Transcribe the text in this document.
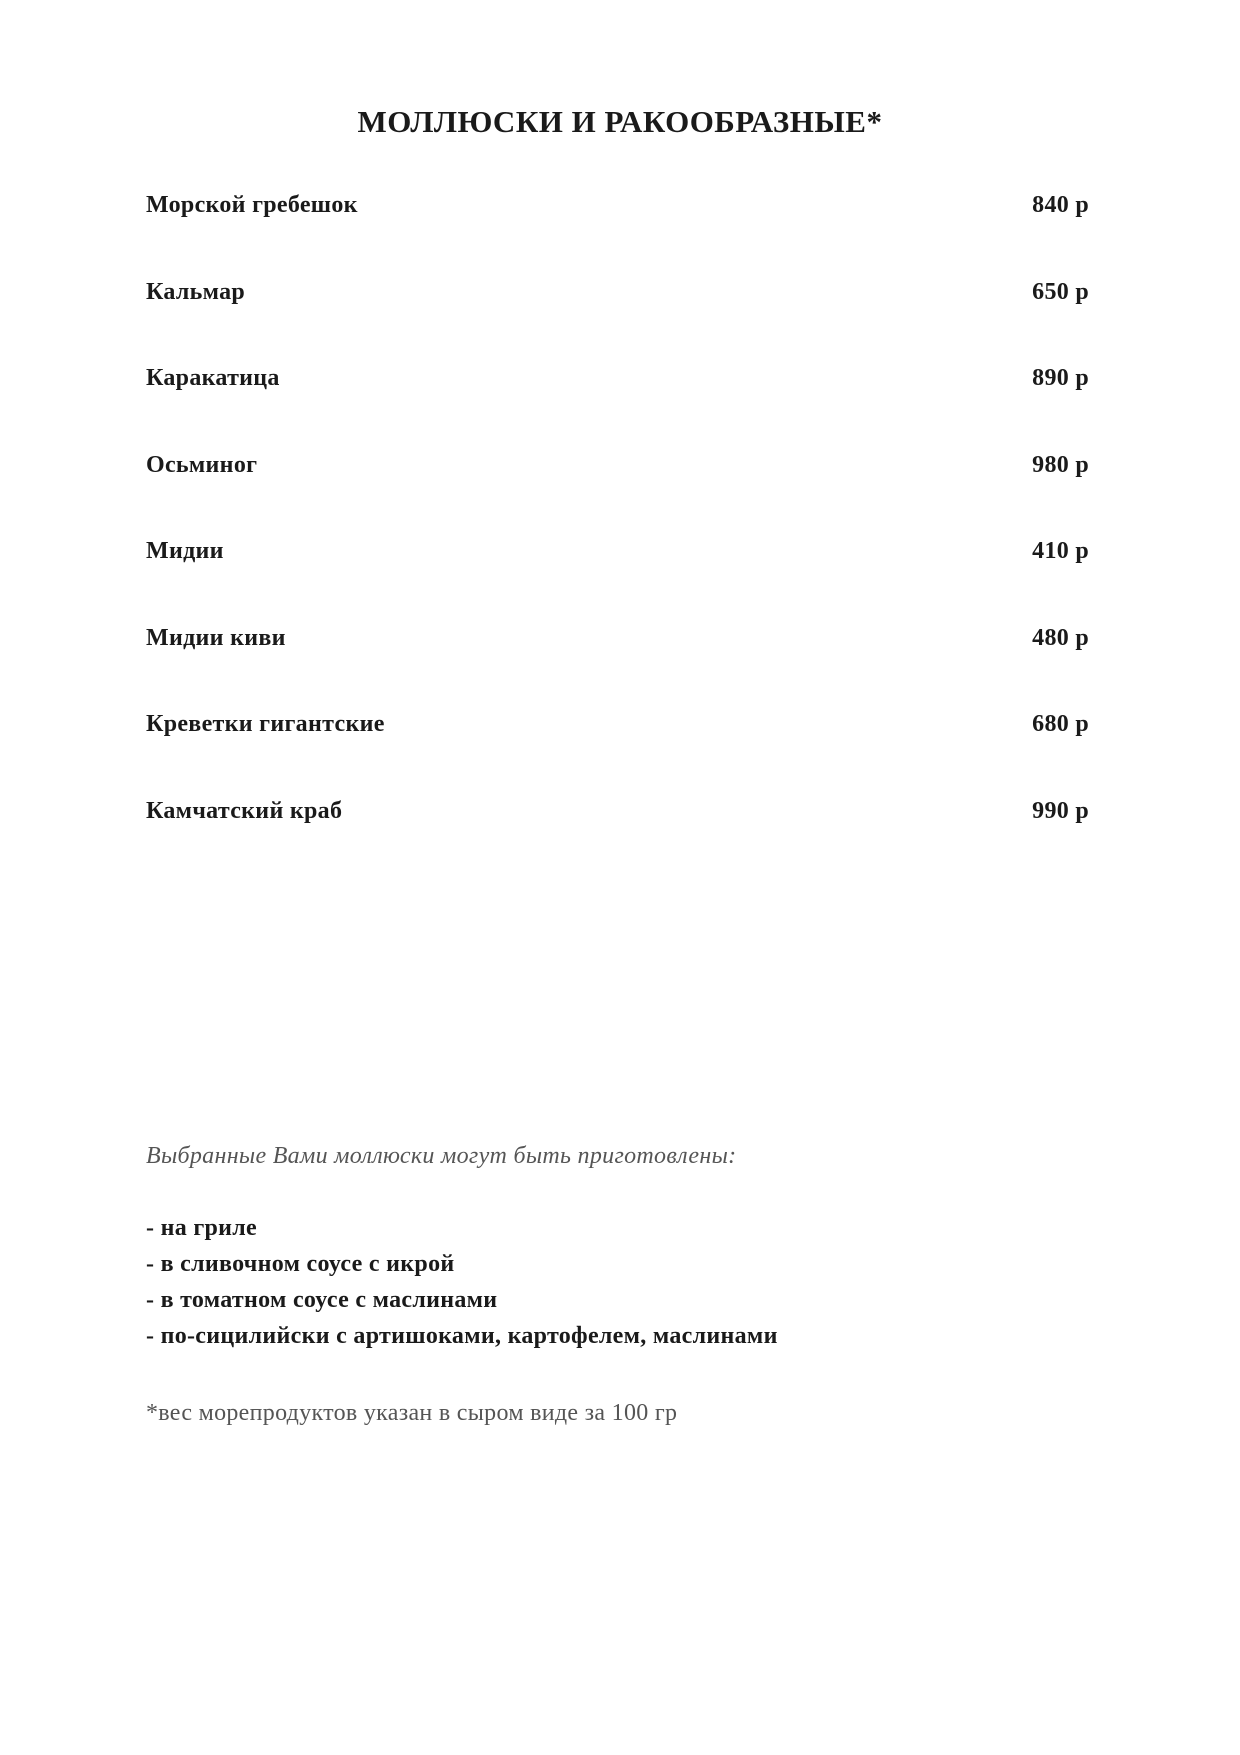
МОЛЛЮСКИ И РАКООБРАЗНЫЕ*
Морской гребешок	840 р
Кальмар	650 р
Каракатица	890 р
Осьминог	980 р
Мидии	410 р
Мидии киви	480 р
Креветки гигантские	680 р
Камчатский краб	990 р
Выбранные Вами моллюски могут быть приготовлены:
- на гриле
- в сливочном соусе с икрой
- в томатном соусе с маслинами
- по-сицилийски с артишоками, картофелем, маслинами
*вес морепродуктов указан в сыром виде за 100 гр
